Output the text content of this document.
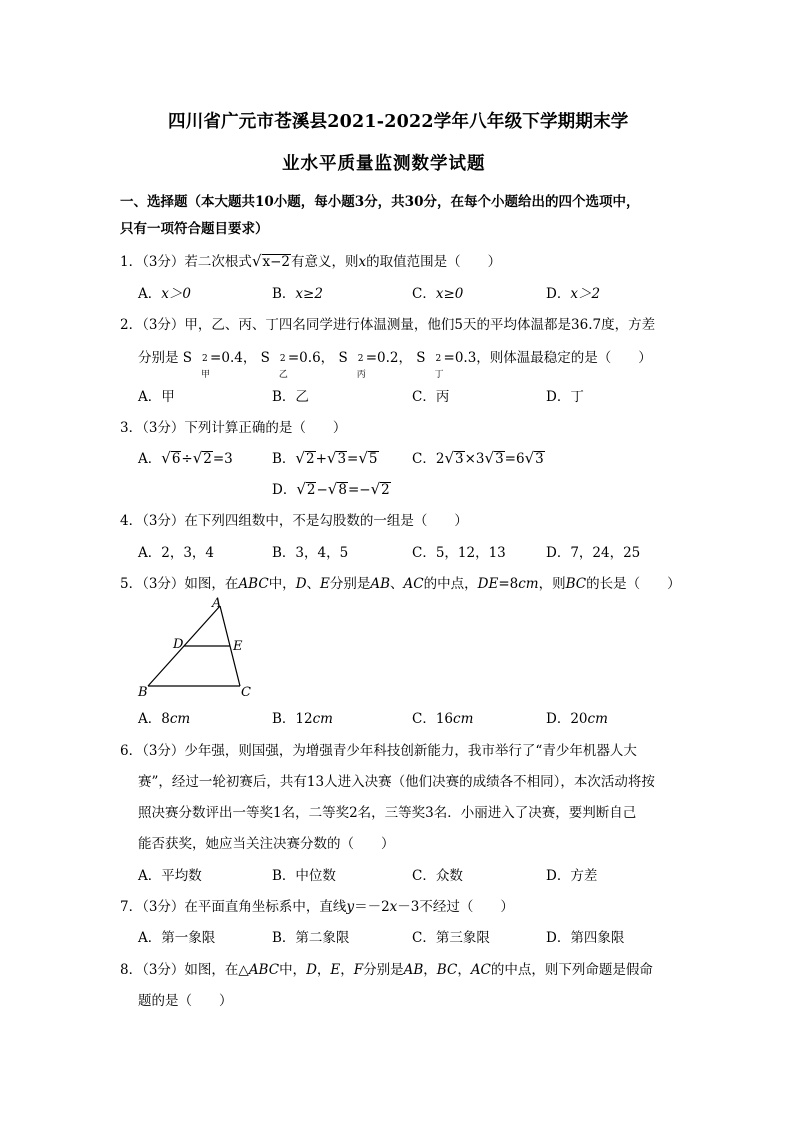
四川省广元市苍溪县2021-2022学年八年级下学期期末学
业水平质量监测数学试题
一、选择题（本大题共10小题，每小题3分，共30分，在每个小题给出的四个选项中，
只有一项符合题目要求）
1．（3分）若二次根式√x−2有意义，则x的取值范围是（　　）
A．x＞0	B．x≥2	C．x≥0	D．x＞2
2．（3分）甲，乙、丙、丁四名同学进行体温测量，他们5天的平均体温都是36.7度，方差
分别是 S 2
甲
=0.4， S 2
乙
=0.6， S 2
丙
=0.2， S 2
丁
=0.3，则体温最稳定的是（　　）
A．甲	B．乙	C．丙	D．丁
3．（3分）下列计算正确的是（　　）
A．√6÷√2=3	B．√2+√3=√5	C．2√3×3√3=6√3
D．√2−√8=−√2
4．（3分）在下列四组数中，不是勾股数的一组是（　　）
A．2，3，4	B．3，4，5	C．5，12，13	D．7，24，25
5．（3分）如图，在ABC中，D、E分别是AB、AC的中点，DE=8cm，则BC的长是（　　）
A
D	E
B	C
A．8cm	B．12cm	C．16cm	D．20cm
6．（3分）少年强，则国强，为增强青少年科技创新能力，我市举行了“青少年机器人大
赛”，经过一轮初赛后，共有13人进入决赛（他们决赛的成绩各不相同），本次活动将按
照决赛分数评出一等奖1名，二等奖2名，三等奖3名．小丽进入了决赛，要判断自己
能否获奖，她应当关注决赛分数的（　　）
A．平均数	B．中位数	C．众数	D．方差
7．（3分）在平面直角坐标系中，直线y＝－2x－3不经过（　　）
A．第一象限	B．第二象限	C．第三象限	D．第四象限
8．（3分）如图，在△ABC中，D，E，F分别是AB，BC，AC的中点，则下列命题是假命
题的是（　　）
